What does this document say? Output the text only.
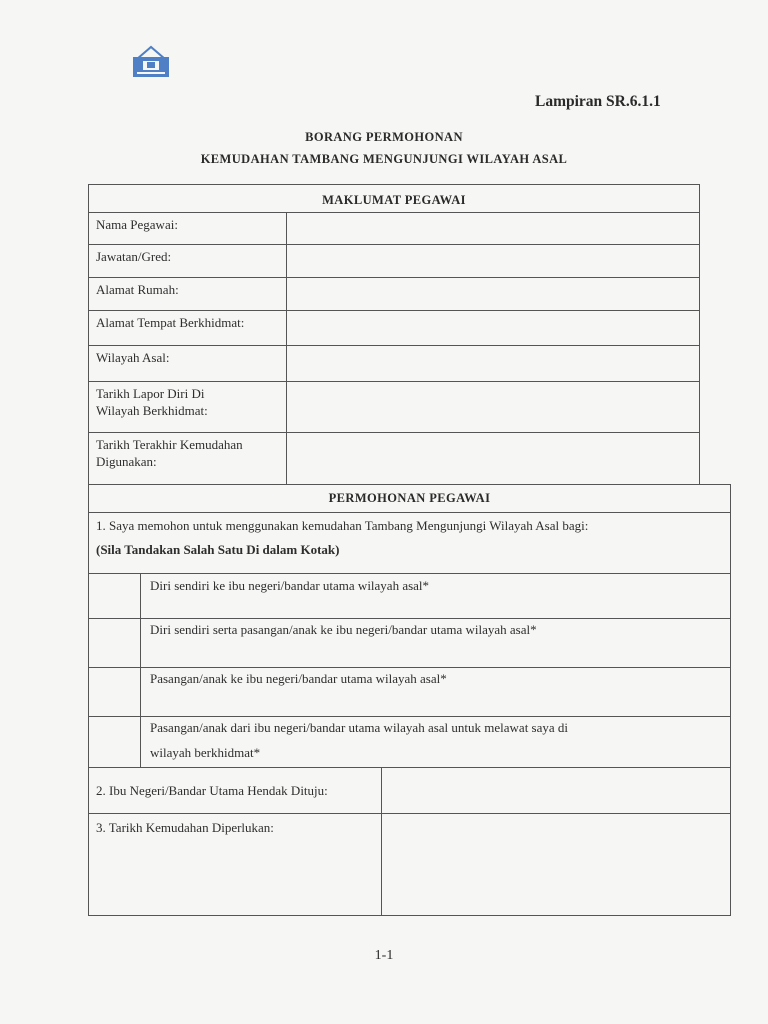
Lampiran SR.6.1.1
BORANG PERMOHONAN
KEMUDAHAN TAMBANG MENGUNJUNGI WILAYAH ASAL
MAKLUMAT PEGAWAI
Nama Pegawai:
Jawatan/Gred:
Alamat Rumah:
Alamat Tempat Berkhidmat:
Wilayah Asal:
Tarikh Lapor Diri Di
Wilayah Berkhidmat:
Tarikh Terakhir Kemudahan
Digunakan:
PERMOHONAN PEGAWAI
1. Saya memohon untuk menggunakan kemudahan Tambang Mengunjungi Wilayah Asal bagi:
(Sila Tandakan Salah Satu Di dalam Kotak)
Diri sendiri ke ibu negeri/bandar utama wilayah asal*
Diri sendiri serta pasangan/anak ke ibu negeri/bandar utama wilayah asal*
Pasangan/anak ke ibu negeri/bandar utama wilayah asal*
Pasangan/anak dari ibu negeri/bandar utama wilayah asal untuk melawat saya di
wilayah berkhidmat*
2. Ibu Negeri/Bandar Utama Hendak Dituju:
3. Tarikh Kemudahan Diperlukan:
1-1
